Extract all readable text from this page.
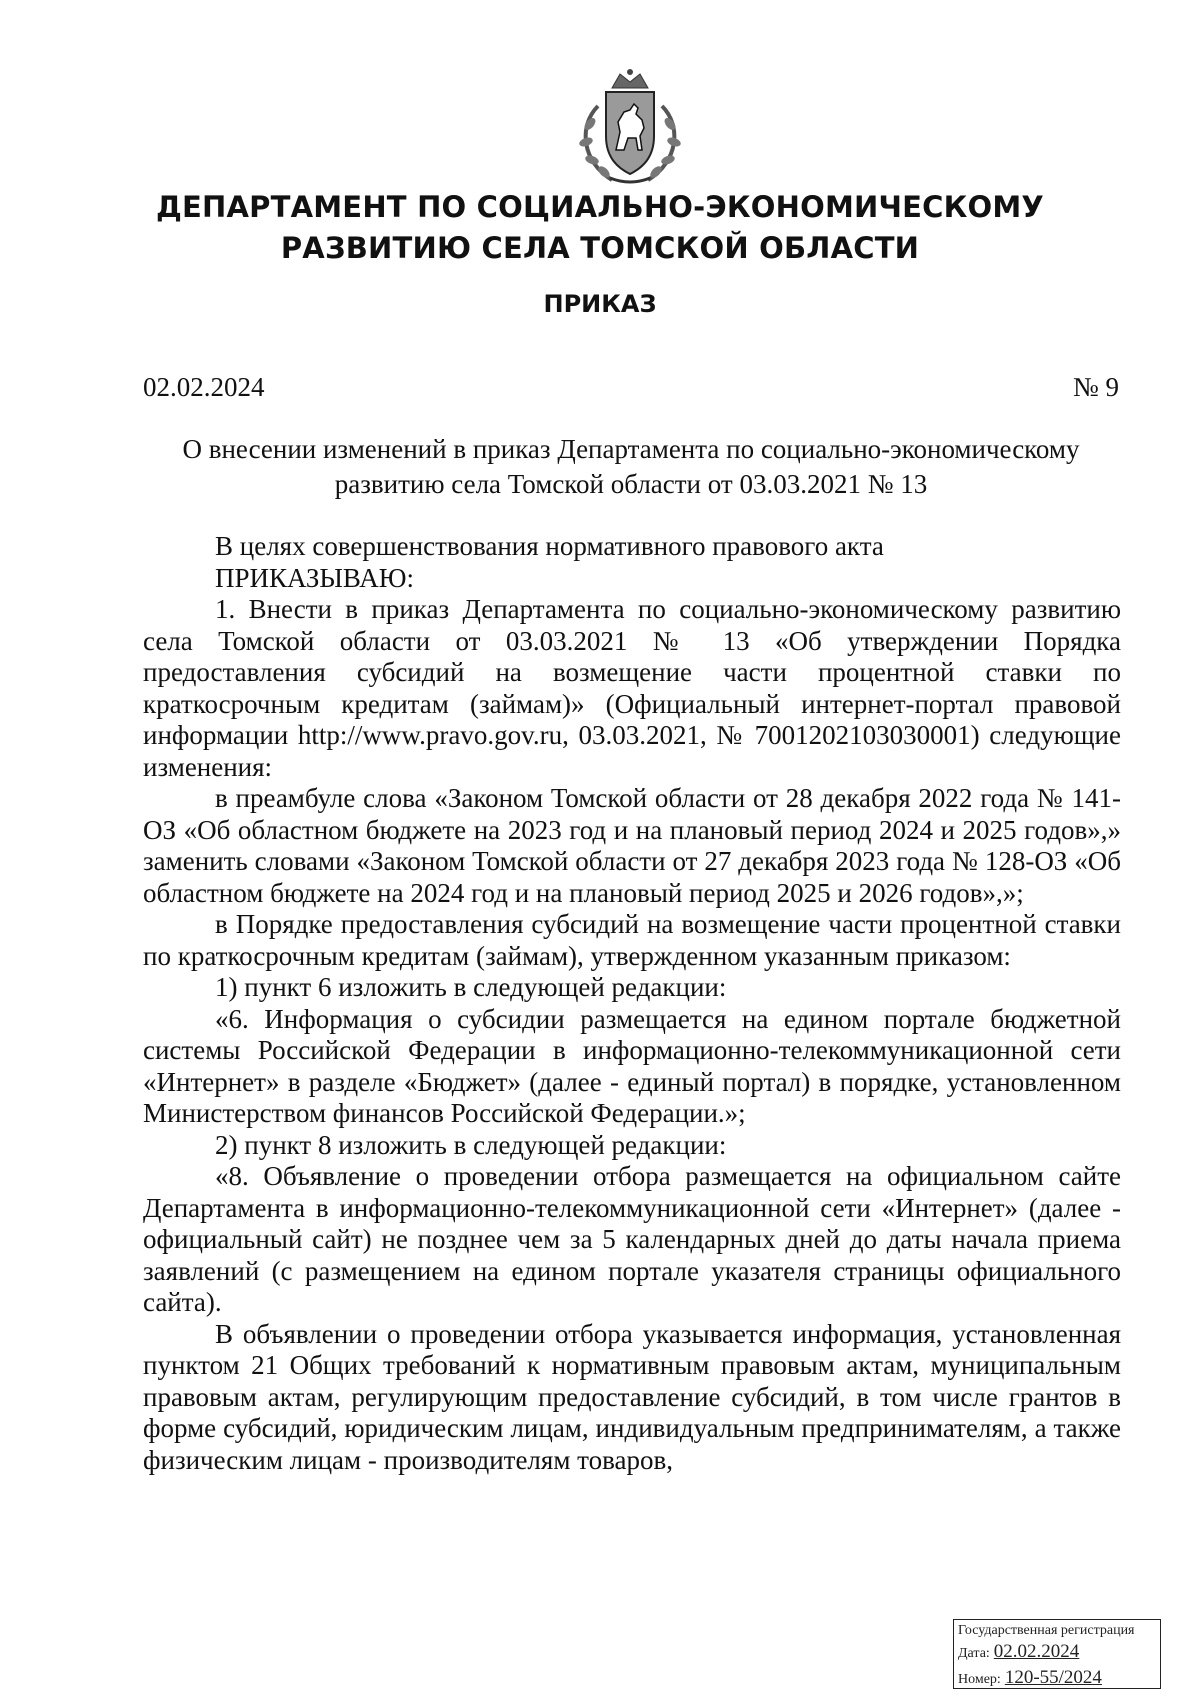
ДЕПАРТАМЕНТ ПО СОЦИАЛЬНО-ЭКОНОМИЧЕСКОМУ
РАЗВИТИЮ СЕЛА ТОМСКОЙ ОБЛАСТИ
ПРИКАЗ
02.02.2024	№ 9
О внесении изменений в приказ Департамента по социально-экономическому
развитию села Томской области от 03.03.2021 № 13

В целях совершенствования нормативного правового акта

ПРИКАЗЫВАЮ:

1. Внести в приказ Департамента по социально-экономическому развитию села Томской области от 03.03.2021 № 13 «Об утверждении Порядка предоставления субсидий на возмещение части процентной ставки по краткосрочным кредитам (займам)» (Официальный интернет-портал правовой информации http://www.pravo.gov.ru, 03.03.2021, № 7001202103030001) следующие изменения:

в преамбуле слова «Законом Томской области от 28 декабря 2022 года № 141-ОЗ «Об областном бюджете на 2023 год и на плановый период 2024 и 2025 годов»,» заменить словами «Законом Томской области от 27 декабря 2023 года № 128-ОЗ «Об областном бюджете на 2024 год и на плановый период 2025 и 2026 годов»,»;

в Порядке предоставления субсидий на возмещение части процентной ставки по краткосрочным кредитам (займам), утвержденном указанным приказом:

1) пункт 6 изложить в следующей редакции:

«6. Информация о субсидии размещается на едином портале бюджетной системы Российской Федерации в информационно-телекоммуникационной сети «Интернет» в разделе «Бюджет» (далее - единый портал) в порядке, установленном Министерством финансов Российской Федерации.»;

2) пункт 8 изложить в следующей редакции:

«8. Объявление о проведении отбора размещается на официальном сайте Департамента в информационно-телекоммуникационной сети «Интернет» (далее - официальный сайт) не позднее чем за 5 календарных дней до даты начала приема заявлений (с размещением на едином портале указателя страницы официального сайта).

В объявлении о проведении отбора указывается информация, установленная пунктом 21 Общих требований к нормативным правовым актам, муниципальным правовым актам, регулирующим предоставление субсидий, в том числе грантов в форме субсидий, юридическим лицам, индивидуальным предпринимателям, а также физическим лицам - производителям товаров,

Государственная регистрация
Дата: 02.02.2024
Номер: 120-55/2024
